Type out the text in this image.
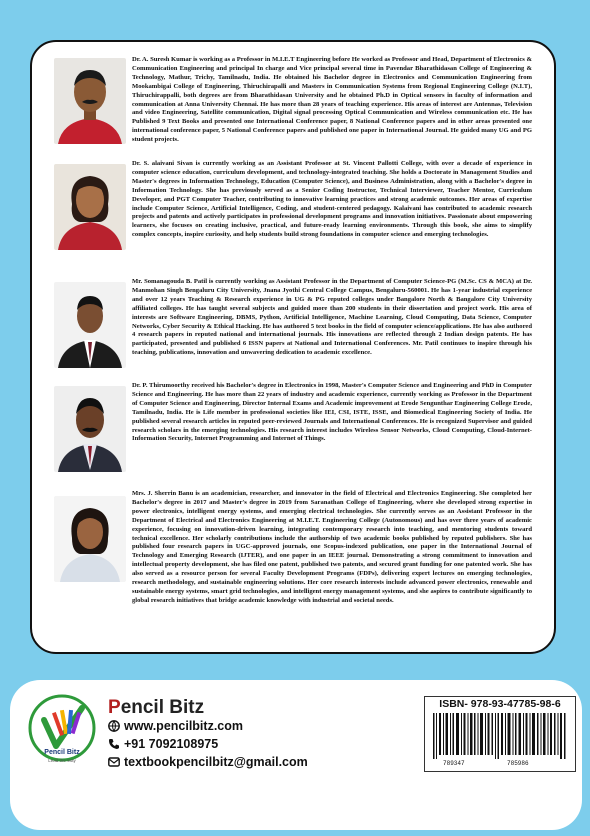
Dr. A. Suresh Kumar is working as a Professor in M.I.E.T Engineering before He worked as Professor and Head, Department of Electronics & Communication Engineering and principal In charge and Vice principal several time in Pavendar Bharathidasan College of Engineering & Technology, Mathur, Trichy, Tamilnadu, India. He obtained his Bachelor degree in Electronics and Communication Engineering from Mookambigai College of Engineering, Thiruchirapalli and Masters in Communication Systems from Regional Engineering College (N.I.T), Thiruchirappalli, both degrees are from Bharathidasan University and he obtained Ph.D in Optical sensors in faculty of information and communication at Anna University Chennai. He has more than 28 years of teaching experience. His areas of interest are Antennas, Television and video Engineering, Satellite communication, Digital signal processing Optical Communication and Wireless communication etc. He has Published 9 Text Books and presented one International Conference paper, 8 National Conference papers and in other areas presented one international conference paper, 5 National Conference papers and published one paper in International Journal. He guided many UG and PG student projects.

Dr. S. alaivani Sivan is currently working as an Assistant Professor at St. Vincent Pallotti College, with over a decade of experience in computer science education, curriculum development, and technology-integrated teaching. She holds a Doctorate in Management Studies and Master's degrees in Information Technology, Education (Computer Science), and Business Administration, along with a Bachelor's degree in Information Technology. She has previously served as a Senior Coding Instructor, Technical Interviewer, Teacher Mentor, Curriculum Developer, and PGT Computer Teacher, contributing to innovative learning practices and strong academic outcomes. Her areas of expertise include Computer Science, Artificial Intelligence, Coding, and student-centered pedagogy. Kalaivani has contributed to academic research projects and patents and actively participates in professional development programs and innovation initiatives. Passionate about empowering learners, she focuses on creating inclusive, practical, and future-ready learning environments. Through this book, she aims to simplify complex concepts, inspire curiosity, and help students build strong foundations in computer science and emerging technologies.

Mr. Somanagouda B. Patil is currently working as Assistant Professor in the Department of Computer Science-PG (M.Sc. CS & MCA) at Dr. Manmohan Singh Bengaluru City University, Jnana Jyothi Central College Campus, Bengaluru-560001. He has 1-year industrial experience and over 12 years Teaching & Research experience in UG & PG reputed colleges under Bangalore North & Bangalore City University affiliated colleges. He has taught several subjects and guided more than 200 students in their dissertation and project work. His area of interests are Software Engineering, DBMS, Python, Artificial Intelligence, Machine Learning, Cloud Computing, Data Science, Computer Networks, Cyber Security & Ethical Hacking. He has authored 5 text books in the field of computer science/applications. He has also authored 4 research papers in reputed national and international journals. His innovations are reflected through 2 Indian design patents. He has participated, presented and published 6 ISSN papers at National and International Conferences. Mr. Patil continues to inspire through his teaching, publications, innovation and unwavering dedication to academic excellence.

Dr. P. Thirumoorthy received his Bachelor's degree in Electronics in 1998, Master's Computer Science and Engineering and PhD in Computer Science and Engineering. He has more than 22 years of industry and academic experience, currently working as Professor in the Department of Computer Science and Engineering, Director Internal Exams and Academic improvement at Erode Sengunthar Engineering College Erode, Tamilnadu, India. He is Life member in professional societies like IEI, CSI, ISTE, ISSE, and Biomedical Engineering Society of India. He published several research articles in reputed peer-reviewed Journals and International Conferences. He is recognized Supervisor and guided research scholars in the emerging technologies. His research interest includes Wireless Sensor Networks, Cloud Computing, Cloud-Internet-Information Security, Internet Programming and Internet of Things.

Mrs. J. Sherrin Banu is an academician, researcher, and innovator in the field of Electrical and Electronics Engineering. She completed her Bachelor's degree in 2017 and Master's degree in 2019 from Saranathan College of Engineering, where she developed strong expertise in power electronics, intelligent energy systems, and emerging electrical technologies. She currently serves as an Assistant Professor in the Department of Electrical and Electronics Engineering at M.I.E.T. Engineering College (Autonomous) and has over three years of academic experience, focusing on innovation-driven learning, integrating contemporary research into teaching, and mentoring students toward technical excellence. Her scholarly contributions include the authorship of two academic books published by reputed publishers. She has published four research papers in UGC-approved journals, one Scopus-indexed publication, one paper in the International Journal of Technology and Emerging Research (IJTER), and one paper in an IEEE journal. Demonstrating a strong commitment to innovation and intellectual property development, she has filed one patent, published two patents, and secured grant funding for one patented work. She has also served as a resource person for several Faculty Development Programs (FDPs), delivering expert lectures on emerging technologies, research methodology, and sustainable engineering solutions. Her core research interests include advanced power electronics, renewable and sustainable energy systems, smart grid technologies, and intelligent energy management systems, and she aspires to contribute significantly to global research initiatives that bridge academic knowledge with industrial and societal needs.

Pencil Bitz
Lead the Way
Pencil Bitz
www.pencilbitz.com
+91 7092108975
textbookpencilbitz@gmail.com
ISBN- 978-93-47785-98-6
789347	785986
